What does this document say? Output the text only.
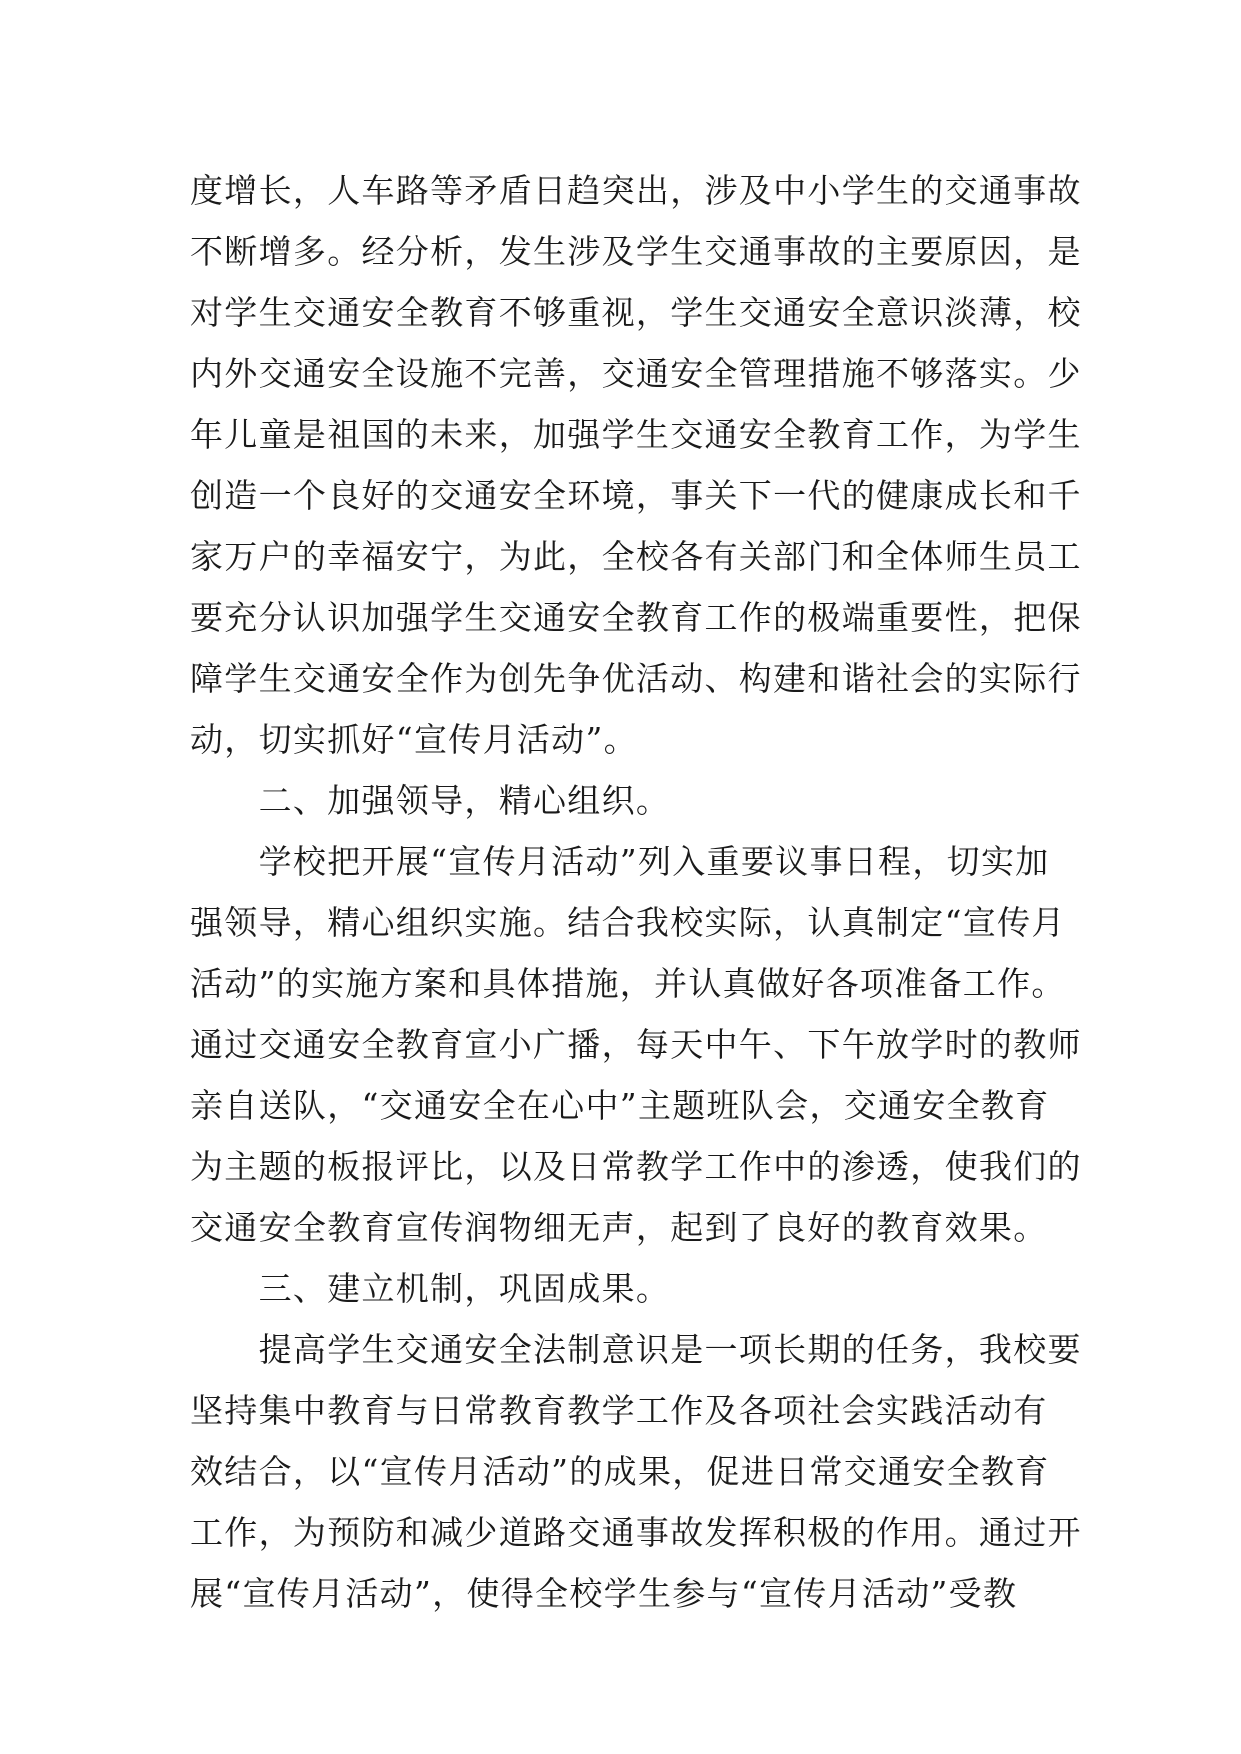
度增长，人车路等矛盾日趋突出，涉及中小学生的交通事故
不断增多。经分析，发生涉及学生交通事故的主要原因，是
对学生交通安全教育不够重视，学生交通安全意识淡薄，校
内外交通安全设施不完善，交通安全管理措施不够落实。少
年儿童是祖国的未来，加强学生交通安全教育工作，为学生
创造一个良好的交通安全环境，事关下一代的健康成长和千
家万户的幸福安宁，为此，全校各有关部门和全体师生员工
要充分认识加强学生交通安全教育工作的极端重要性，把保
障学生交通安全作为创先争优活动、构建和谐社会的实际行
动，切实抓好“宣传月活动”。
　　二、加强领导，精心组织。
　　学校把开展“宣传月活动”列入重要议事日程，切实加
强领导，精心组织实施。结合我校实际，认真制定“宣传月
活动”的实施方案和具体措施，并认真做好各项准备工作。
通过交通安全教育宣小广播，每天中午、下午放学时的教师
亲自送队，“交通安全在心中”主题班队会，交通安全教育
为主题的板报评比，以及日常教学工作中的渗透，使我们的
交通安全教育宣传润物细无声，起到了良好的教育效果。
　　三、建立机制，巩固成果。
　　提高学生交通安全法制意识是一项长期的任务，我校要
坚持集中教育与日常教育教学工作及各项社会实践活动有
效结合，以“宣传月活动”的成果，促进日常交通安全教育
工作，为预防和减少道路交通事故发挥积极的作用。通过开
展“宣传月活动”，使得全校学生参与“宣传月活动”受教
